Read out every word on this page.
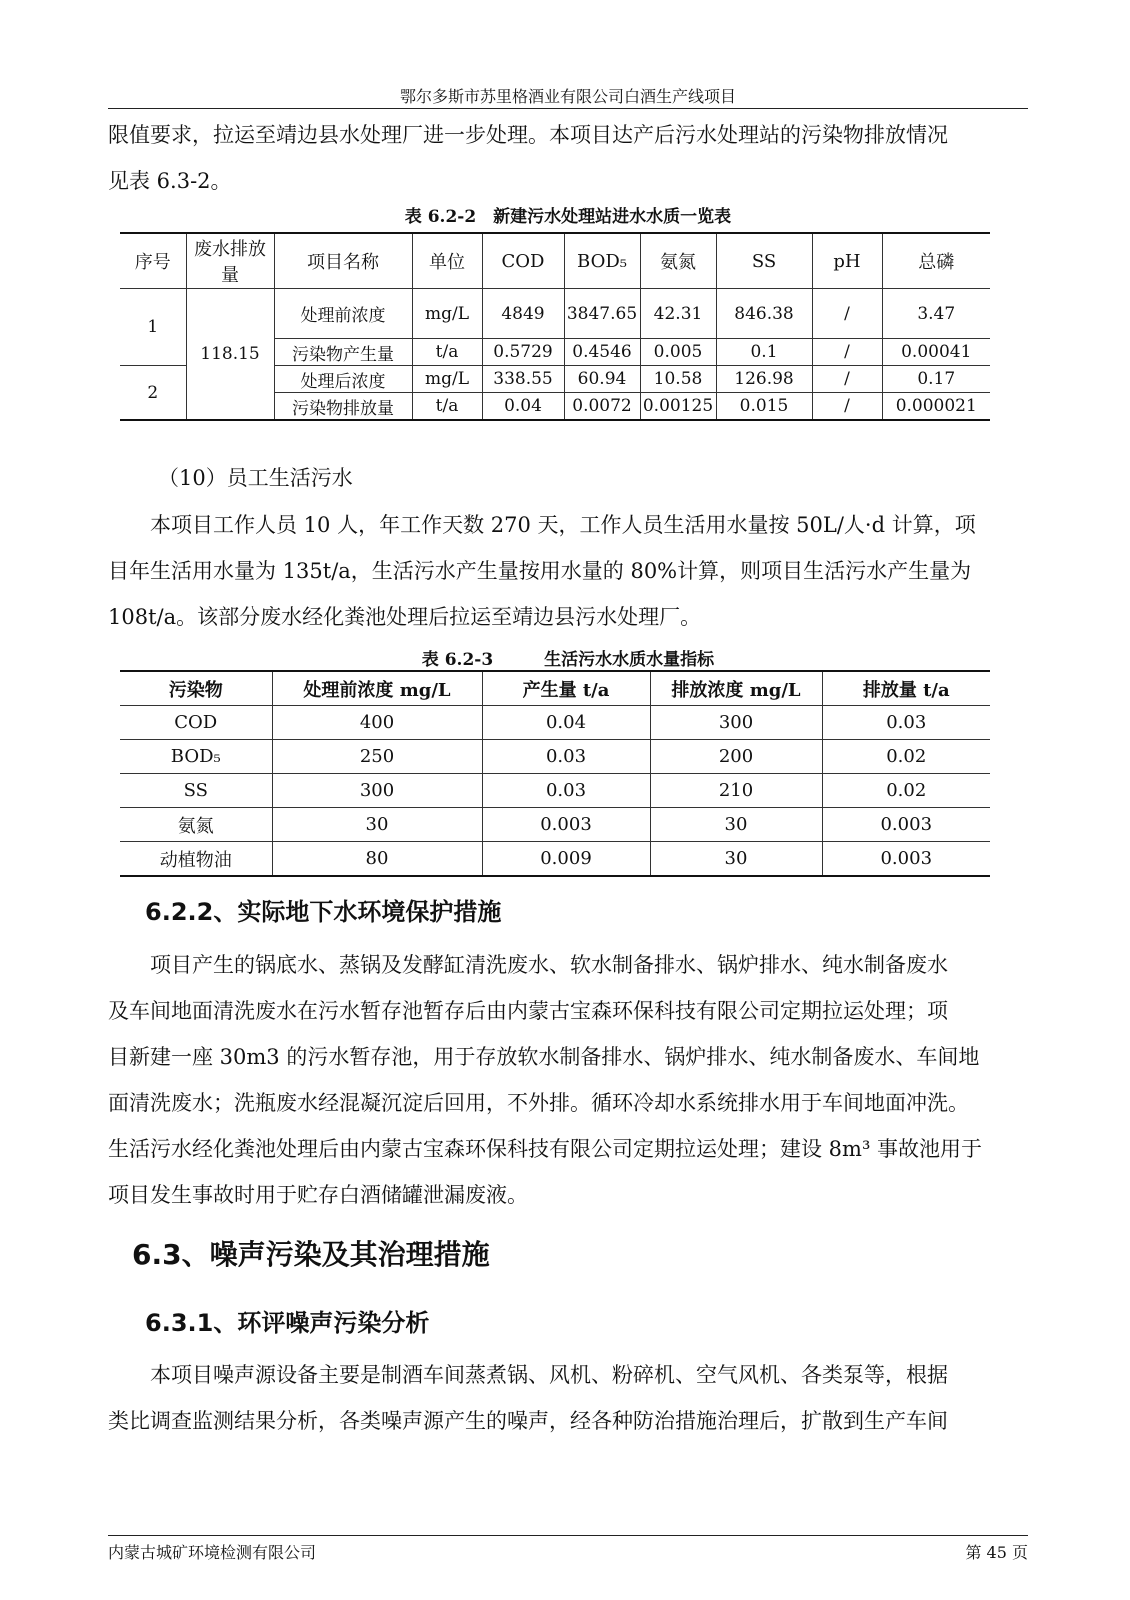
鄂尔多斯市苏里格酒业有限公司白酒生产线项目
限值要求，拉运至靖边县水处理厂进一步处理。本项目达产后污水处理站的污染物排放情况
见表 6.3-2。
表 6.2-2　新建污水处理站进水水质一览表
序号	废水排放量	项目名称	单位	COD	BOD₅	氨氮	SS	pH	总磷
1	118.15	处理前浓度	mg/L	4849	3847.65	42.31	846.38	/	3.47
		污染物产生量	t/a	0.5729	0.4546	0.005	0.1	/	0.00041
2		处理后浓度	mg/L	338.55	60.94	10.58	126.98	/	0.17
		污染物排放量	t/a	0.04	0.0072	0.00125	0.015	/	0.000021
（10）员工生活污水
本项目工作人员 10 人，年工作天数 270 天，工作人员生活用水量按 50L/人·d 计算，项
目年生活用水量为 135t/a，生活污水产生量按用水量的 80%计算，则项目生活污水产生量为
108t/a。该部分废水经化粪池处理后拉运至靖边县污水处理厂。
表 6.2-3　　　生活污水水质水量指标
污染物	处理前浓度 mg/L	产生量 t/a	排放浓度 mg/L	排放量 t/a
COD	400	0.04	300	0.03
BOD₅	250	0.03	200	0.02
SS	300	0.03	210	0.02
氨氮	30	0.003	30	0.003
动植物油	80	0.009	30	0.003
6.2.2、实际地下水环境保护措施
项目产生的锅底水、蒸锅及发酵缸清洗废水、软水制备排水、锅炉排水、纯水制备废水
及车间地面清洗废水在污水暂存池暂存后由内蒙古宝森环保科技有限公司定期拉运处理；项
目新建一座 30m3 的污水暂存池，用于存放软水制备排水、锅炉排水、纯水制备废水、车间地
面清洗废水；洗瓶废水经混凝沉淀后回用，不外排。循环冷却水系统排水用于车间地面冲洗。
生活污水经化粪池处理后由内蒙古宝森环保科技有限公司定期拉运处理；建设 8m³ 事故池用于
项目发生事故时用于贮存白酒储罐泄漏废液。
6.3、噪声污染及其治理措施
6.3.1、环评噪声污染分析
本项目噪声源设备主要是制酒车间蒸煮锅、风机、粉碎机、空气风机、各类泵等，根据
类比调查监测结果分析，各类噪声源产生的噪声，经各种防治措施治理后，扩散到生产车间
内蒙古城矿环境检测有限公司	第 45 页
